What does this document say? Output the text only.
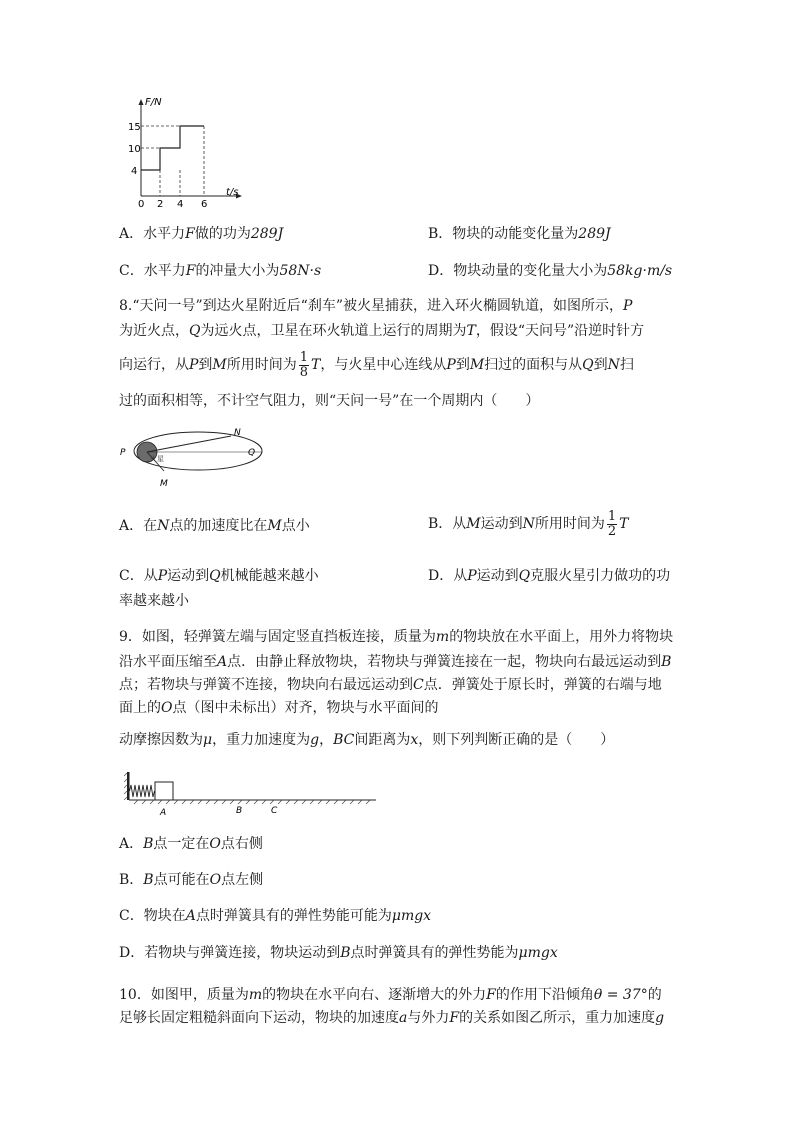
F/N
t/s
15
10
4
0 2 4 6
A．水平力F做的功为289J	B．物块的动能变化量为289J
C．水平力F的冲量大小为58N·s	D．物块动量的变化量大小为58kg·m/s
8.“天问一号”到达火星附近后“刹车”被火星捕获，进入环火椭圆轨道，如图所示，P
为近火点，Q为远火点，卫星在环火轨道上运行的周期为T，假设“天问号”沿逆时针方
向运行，从P到M所用时间为 $\frac{1}{8}$ T，与火星中心连线从P到M扫过的面积与从Q到N扫
过的面积相等，不计空气阻力，则“天问一号”在一个周期内（　　）
P
火星
N
Q
M
A．在N点的加速度比在M点小	B．从M运动到N所用时间为 $\frac{1}{2}$ T
C．从P运动到Q机械能越来越小	D．从P运动到Q克服火星引力做功的功
率越来越小
9．如图，轻弹簧左端与固定竖直挡板连接，质量为m的物块放在水平面上，用外力将物块
沿水平面压缩至A点．由静止释放物块，若物块与弹簧连接在一起，物块向右最远运动到B
点；若物块与弹簧不连接，物块向右最远运动到C点．弹簧处于原长时，弹簧的右端与地
面上的O点（图中未标出）对齐，物块与水平面间的
动摩擦因数为μ，重力加速度为g，BC间距离为x，则下列判断正确的是（　　）
A	B	C
A．B点一定在O点右侧
B．B点可能在O点左侧
C．物块在A点时弹簧具有的弹性势能可能为μmgx
D．若物块与弹簧连接，物块运动到B点时弹簧具有的弹性势能为μmgx
10．如图甲，质量为m的物块在水平向右、逐渐增大的外力F的作用下沿倾角θ = 37°的
足够长固定粗糙斜面向下运动，物块的加速度a与外力F的关系如图乙所示，重力加速度g
